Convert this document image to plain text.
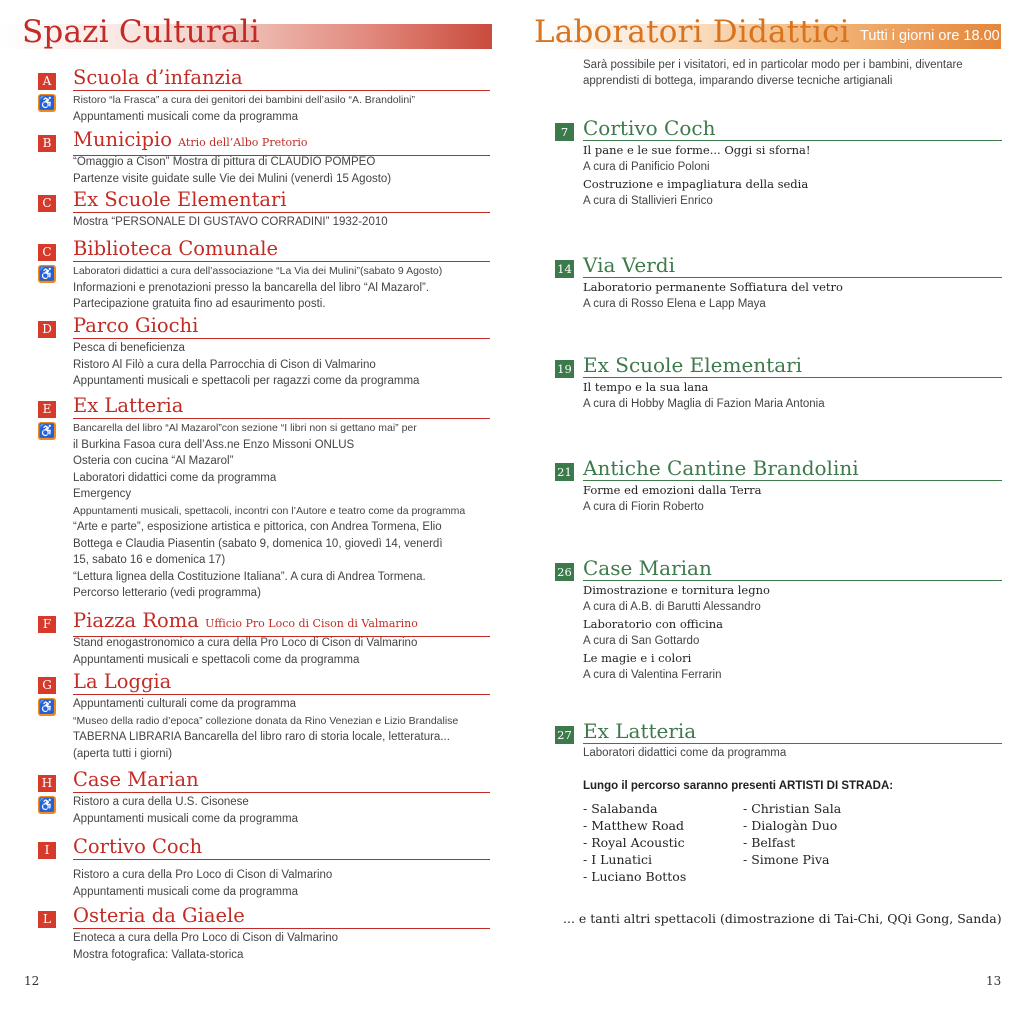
Spazi Culturali
A
♿
Scuola d’infanzia
Ristoro “la Frasca” a cura dei genitori dei bambini dell’asilo “A. Brandolini”
Appuntamenti musicali come da programma
B Municipio Atrio dell’Albo Pretorio
“Omaggio a Cison” Mostra di pittura di CLAUDIO POMPEO
Partenze visite guidate sulle Vie dei Mulini (venerdì 15 Agosto)
C Ex Scuole Elementari
Mostra “PERSONALE DI GUSTAVO CORRADINI” 1932-2010
C
♿
Biblioteca Comunale
Laboratori didattici a cura dell’associazione “La Via dei Mulini”(sabato 9 Agosto)
Informazioni e prenotazioni presso la bancarella del libro “Al Mazarol”.
Partecipazione gratuita fino ad esaurimento posti.
D Parco Giochi
Pesca di beneficienza
Ristoro Al Filò a cura della Parrocchia di Cison di Valmarino
Appuntamenti musicali e spettacoli per ragazzi come da programma
E
♿
Ex Latteria
Bancarella del libro “Al Mazarol”con sezione “I libri non si gettano mai” per
il Burkina Fasoa cura dell’Ass.ne Enzo Missoni ONLUS
Osteria con cucina “Al Mazarol”
Laboratori didattici come da programma
Emergency
Appuntamenti musicali, spettacoli, incontri con l’Autore e teatro come da programma
“Arte e parte”, esposizione artistica e pittorica, con Andrea Tormena, Elio
Bottega e Claudia Piasentin (sabato 9, domenica 10, giovedì 14, venerdì
15, sabato 16 e domenica 17)
“Lettura lignea della Costituzione Italiana”. A cura di Andrea Tormena.
Percorso letterario (vedi programma)
F Piazza Roma Ufficio Pro Loco di Cison di Valmarino
Stand enogastronomico a cura della Pro Loco di Cison di Valmarino
Appuntamenti musicali e spettacoli come da programma
G
♿
La Loggia
Appuntamenti culturali come da programma
“Museo della radio d’epoca” collezione donata da Rino Venezian e Lizio Brandalise
TABERNA LIBRARIA Bancarella del libro raro di storia locale, letteratura...
(aperta tutti i giorni)
H
♿
Case Marian
Ristoro a cura della U.S. Cisonese
Appuntamenti musicali come da programma
I	Cortivo Coch
Ristoro a cura della Pro Loco di Cison di Valmarino
Appuntamenti musicali come da programma
L Osteria da Giaele
Enoteca a cura della Pro Loco di Cison di Valmarino
Mostra fotografica: Vallata-storica
Laboratori Didattici Tutti i giorni ore 18.00
Sarà possibile per i visitatori, ed in particolar modo per i bambini, diventare apprendisti di bottega, imparando diverse tecniche artigianali
7 Cortivo Coch
Il pane e le sue forme... Oggi si sforna!
A cura di Panificio Poloni
Costruzione e impagliatura della sedia
A cura di Stallivieri Enrico
14 Via Verdi
Laboratorio permanente Soffiatura del vetro
A cura di Rosso Elena e Lapp Maya
19 Ex Scuole Elementari
Il tempo e la sua lana
A cura di Hobby Maglia di Fazion Maria Antonia
21 Antiche Cantine Brandolini
Forme ed emozioni dalla Terra
A cura di Fiorin Roberto
26 Case Marian
Dimostrazione e tornitura legno
A cura di A.B. di Barutti Alessandro
Laboratorio con officina
A cura di San Gottardo
Le magie e i colori
A cura di Valentina Ferrarin
27 Ex Latteria
Laboratori didattici come da programma
Lungo il percorso saranno presenti ARTISTI DI STRADA:
- Salabanda
- Matthew Road
- Royal Acoustic
- I Lunatici
- Luciano Bottos
- Christian Sala
- Dialogàn Duo
- Belfast
- Simone Piva
... e tanti altri spettacoli (dimostrazione di Tai-Chi, QQi Gong, Sanda)
12	13
